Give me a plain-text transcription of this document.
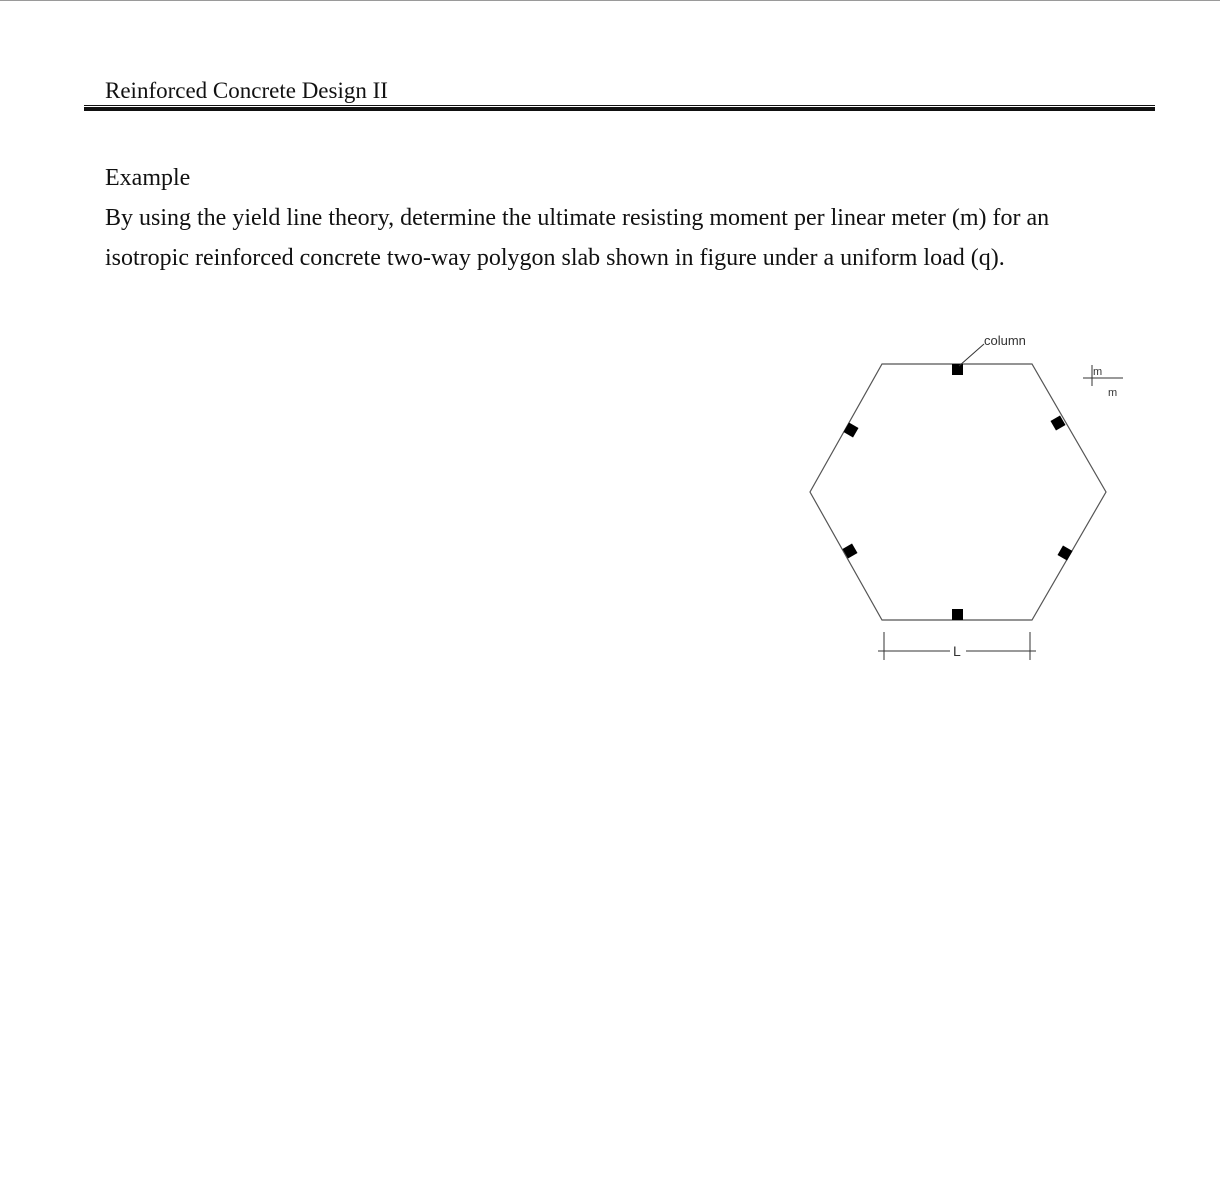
Reinforced Concrete Design II
Example
By using the yield line theory, determine the ultimate resisting moment per linear meter (m) for an
isotropic reinforced concrete two-way polygon slab shown in figure under a uniform load (q).
column
L
m
m
